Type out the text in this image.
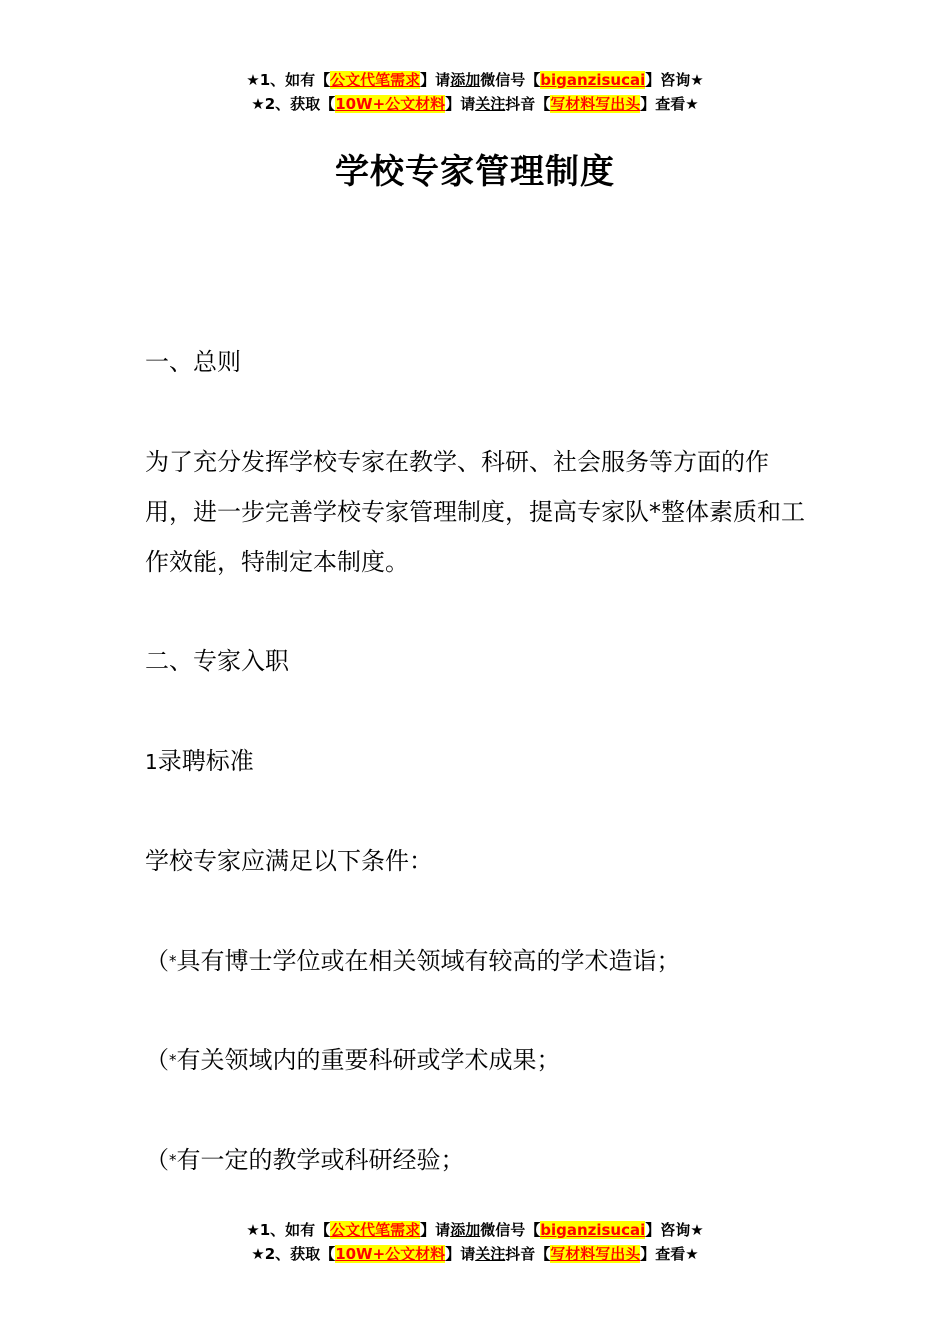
★1、如有【公文代笔需求】请添加微信号【biganzisucai】咨询★
★2、获取【10W+公文材料】请关注抖音【写材料写出头】查看★
学校专家管理制度
一、总则
为了充分发挥学校专家在教学、科研、社会服务等方面的作用，进一步完善学校专家管理制度，提高专家队*整体素质和工作效能，特制定本制度。
二、专家入职
1录聘标准
学校专家应满足以下条件：
（*具有博士学位或在相关领域有较高的学术造诣；
（*有关领域内的重要科研或学术成果；
（*有一定的教学或科研经验；
★1、如有【公文代笔需求】请添加微信号【biganzisucai】咨询★
★2、获取【10W+公文材料】请关注抖音【写材料写出头】查看★
